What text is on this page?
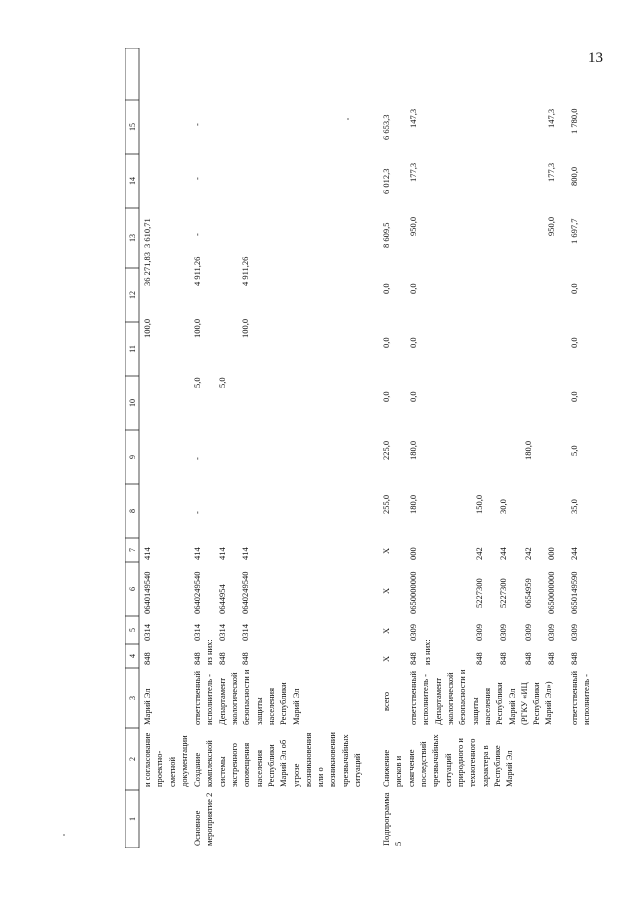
13
1
2
3
4
5
6
7
8
9
10
11
12
13
14
15
и согласование проектно-сметной документации
Марий Эл
848
0314
0640149540
414
100,0
36 271,83
3 610,71
Основное мероприятие 2
Создание комплексной системы экстренного оповещения населения Республики Марий Эл об угрозе возникновения или о возникновении чрезвычайных ситуаций
ответственный исполнитель - Департамент экологической безопасности и защиты населения Республики Марий Эл
848
0314
0640249540
414
-
-
5,0
100,0
4 911,26
-
-
-
из них: 848
0314
0644954
414
5,0
848
0314
0640249540
414
100,0
4 911,26
Подпрограмма 5
Снижение рисков и смягчение последствий чрезвычайных ситуаций природного и техногенного характера в Республике Марий Эл
всего
X
X
X
X
255,0
225,0
0,0
0,0
0,0
8 609,5
6 012,3
6 653,3
ответственный исполнитель - Департамент экологической безопасности и защиты населения Республики Марий Эл (РГКУ «ИЦ Республики Марий Эл»)
848
0309
0650000000
000
180,0
180,0
0,0
0,0
0,0
950,0
177,3
147,3
из них:	848
0309
5227300
242
150,0
848
0309
5227300
244
30,0
848
0309
0654959
242
180,0
848
0309
0650000000
000
950,0
177,3
147,3
ответственный исполнитель -
848
0309
0650149590
244
35,0
5,0
0,0
0,0
0,0
1 697,7
800,0
1 780,0
